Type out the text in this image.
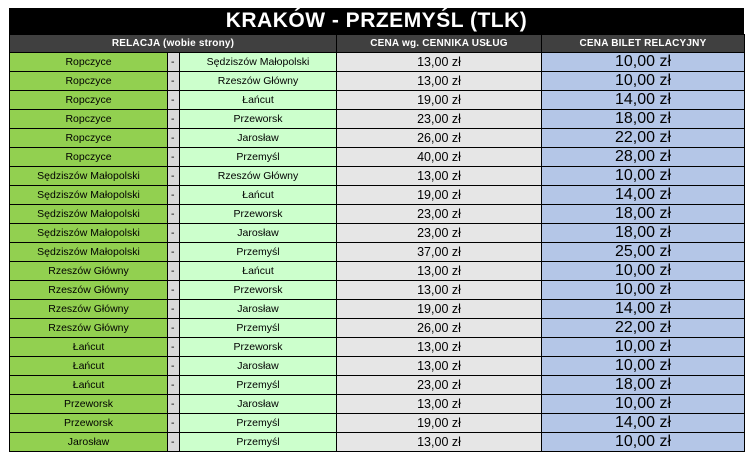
KRAKÓW - PRZEMYŚL (TLK)
RELACJA (wobie strony)			CENA wg. CENNIKA USŁUG	CENA BILET RELACYJNY
Ropczyce	-	Sędziszów Małopolski	13,00 zł	10,00 zł
Ropczyce	-	Rzeszów Główny	13,00 zł	10,00 zł
Ropczyce	-	Łańcut	19,00 zł	14,00 zł
Ropczyce	-	Przeworsk	23,00 zł	18,00 zł
Ropczyce	-	Jarosław	26,00 zł	22,00 zł
Ropczyce	-	Przemyśl	40,00 zł	28,00 zł
Sędziszów Małopolski	-	Rzeszów Główny	13,00 zł	10,00 zł
Sędziszów Małopolski	-	Łańcut	19,00 zł	14,00 zł
Sędziszów Małopolski	-	Przeworsk	23,00 zł	18,00 zł
Sędziszów Małopolski	-	Jarosław	23,00 zł	18,00 zł
Sędziszów Małopolski	-	Przemyśl	37,00 zł	25,00 zł
Rzeszów Główny	-	Łańcut	13,00 zł	10,00 zł
Rzeszów Główny	-	Przeworsk	13,00 zł	10,00 zł
Rzeszów Główny	-	Jarosław	19,00 zł	14,00 zł
Rzeszów Główny	-	Przemyśl	26,00 zł	22,00 zł
Łańcut	-	Przeworsk	13,00 zł	10,00 zł
Łańcut	-	Jarosław	13,00 zł	10,00 zł
Łańcut	-	Przemyśl	23,00 zł	18,00 zł
Przeworsk	-	Jarosław	13,00 zł	10,00 zł
Przeworsk	-	Przemyśl	19,00 zł	14,00 zł
Jarosław	-	Przemyśl	13,00 zł	10,00 zł
